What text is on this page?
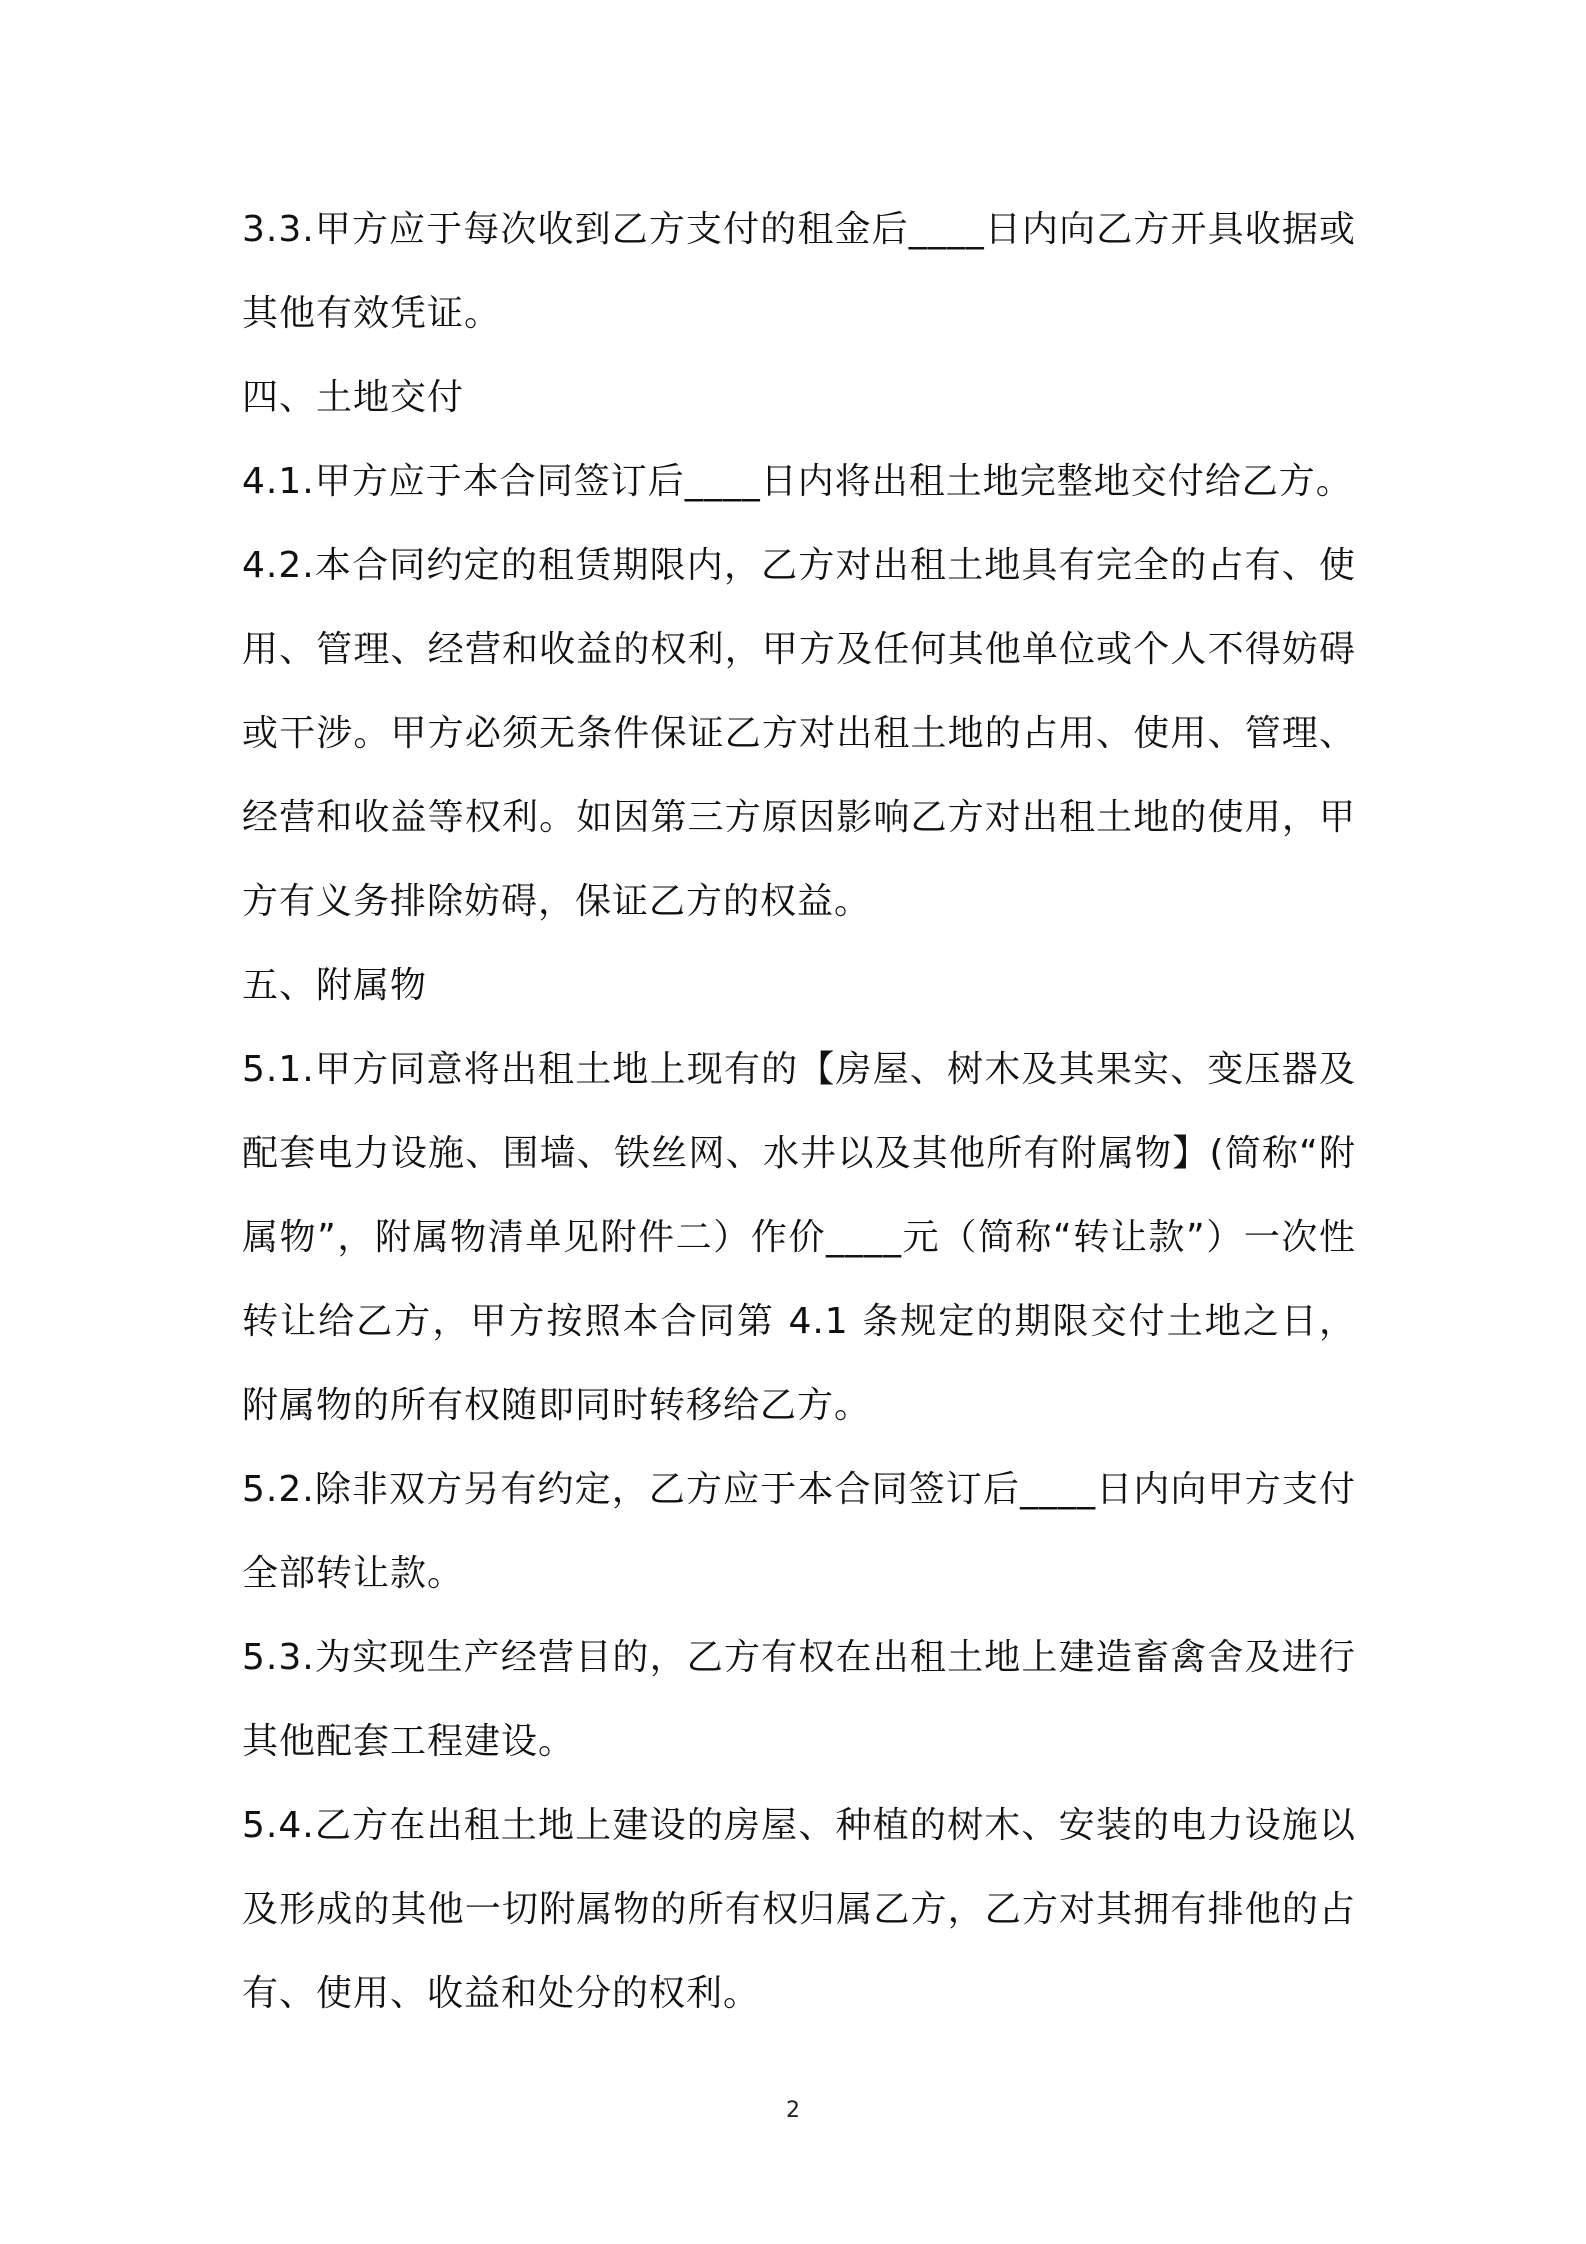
3.3.甲方应于每次收到乙方支付的租金后____日内向乙方开具收据或其他有效凭证。

四、土地交付

4.1.甲方应于本合同签订后____日内将出租土地完整地交付给乙方。

4.2.本合同约定的租赁期限内，乙方对出租土地具有完全的占有、使用、管理、经营和收益的权利，甲方及任何其他单位或个人不得妨碍或干涉。甲方必须无条件保证乙方对出租土地的占用、使用、管理、经营和收益等权利。如因第三方原因影响乙方对出租土地的使用，甲方有义务排除妨碍，保证乙方的权益。

五、附属物

5.1.甲方同意将出租土地上现有的【房屋、树木及其果实、变压器及配套电力设施、围墙、铁丝网、水井以及其他所有附属物】(简称“附属物”，附属物清单见附件二）作价____元（简称“转让款”）一次性转让给乙方，甲方按照本合同第 4.1 条规定的期限交付土地之日，附属物的所有权随即同时转移给乙方。

5.2.除非双方另有约定，乙方应于本合同签订后____日内向甲方支付全部转让款。

5.3.为实现生产经营目的，乙方有权在出租土地上建造畜禽舍及进行其他配套工程建设。

5.4.乙方在出租土地上建设的房屋、种植的树木、安装的电力设施以及形成的其他一切附属物的所有权归属乙方，乙方对其拥有排他的占有、使用、收益和处分的权利。

2
